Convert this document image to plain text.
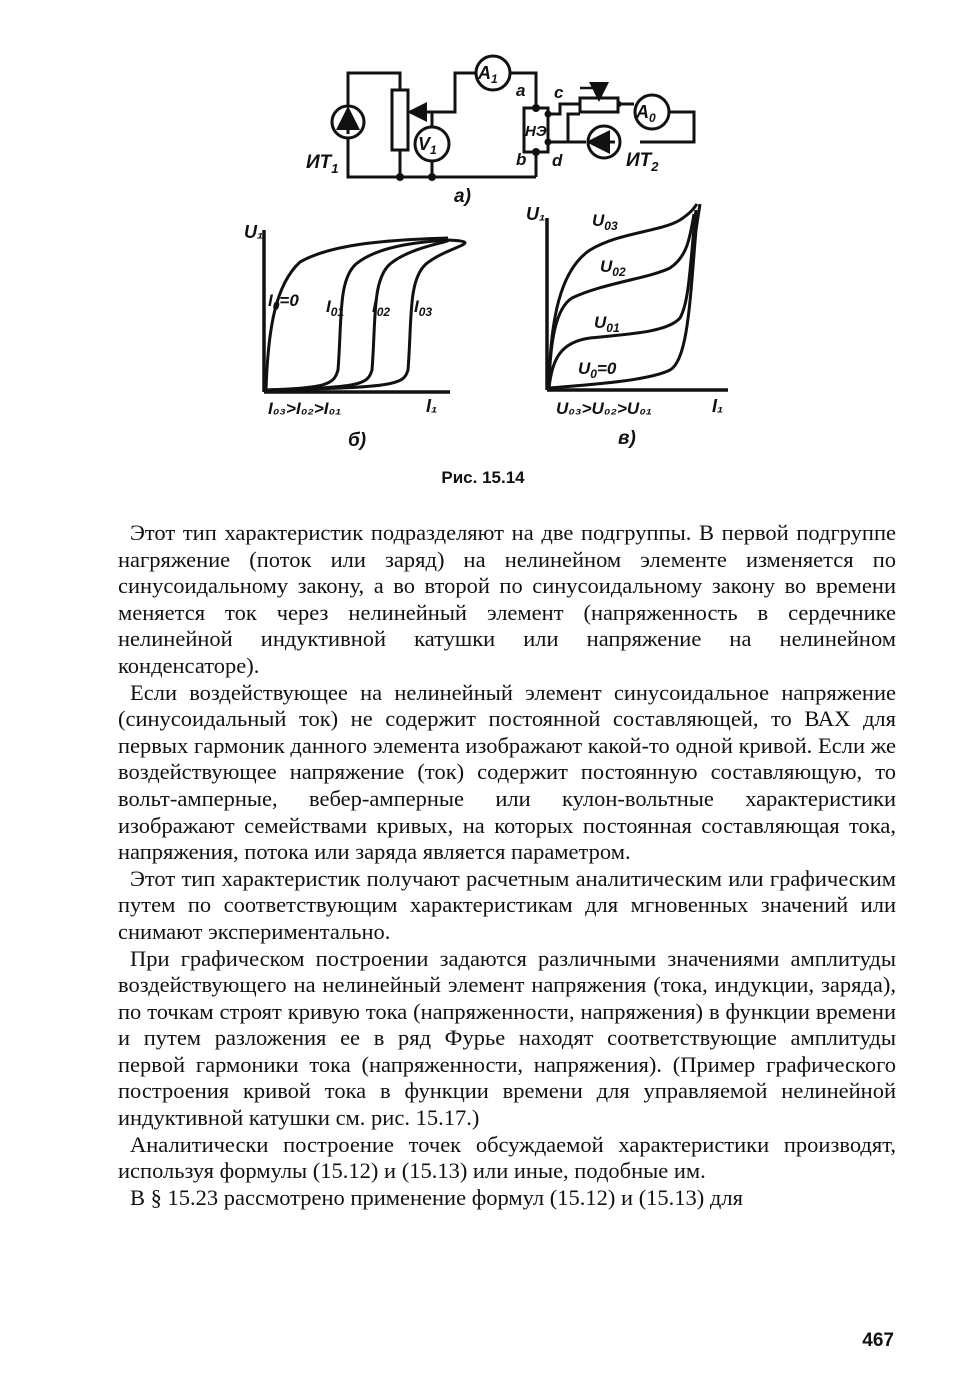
$A_1$
$V_1$
$A_0$
$ИТ_1$	$ИТ_2$
НЭ
a
b
c
d
а)
$I_0=0$ $I_{01}$ $I_{02}$ $I_{03}$
U₁
I₁
I₀₃>I₀₂>I₀₁
б)
$U_0=0$
$U_{01}$
$U_{02}$
$U_{03}$
U₁
I₁
U₀₃>U₀₂>U₀₁
в)
Рис. 15.14

Этот тип характеристик подразделяют на две подгруппы. В первой подгруппе нагряжение (поток или заряд) на нелинейном элементе изменяется по синусоидальному закону, а во второй по синусоидальному закону во времени меняется ток через нелинейный элемент (напряженность в сердечнике нелинейной индуктивной катушки или напряжение на нелинейном конденсаторе).

Если воздействующее на нелинейный элемент синусоидальное напряжение (синусоидальный ток) не содержит постоянной составляющей, то ВАХ для первых гармоник данного элемента изображают какой-то одной кривой. Если же воздействующее напряжение (ток) содержит постоянную составляющую, то вольт-амперные, вебер-амперные или кулон-вольтные характеристики изображают семействами кривых, на которых постоянная составляющая тока, напряжения, потока или заряда является параметром.

Этот тип характеристик получают расчетным аналитическим или графическим путем по соответствующим характеристикам для мгновенных значений или снимают экспериментально.

При графическом построении задаются различными значениями амплитуды воздействующего на нелинейный элемент напряжения (тока, индукции, заряда), по точкам строят кривую тока (напряженности, напряжения) в функции времени и путем разложения ее в ряд Фурье находят соответствующие амплитуды первой гармоники тока (напряженности, напряжения). (Пример графического построения кривой тока в функции времени для управляемой нелинейной индуктивной катушки см. рис. 15.17.)

Аналитически построение точек обсуждаемой характеристики производят, используя формулы (15.12) и (15.13) или иные, подобные им.

В § 15.23 рассмотрено применение формул (15.12) и (15.13) для

467
